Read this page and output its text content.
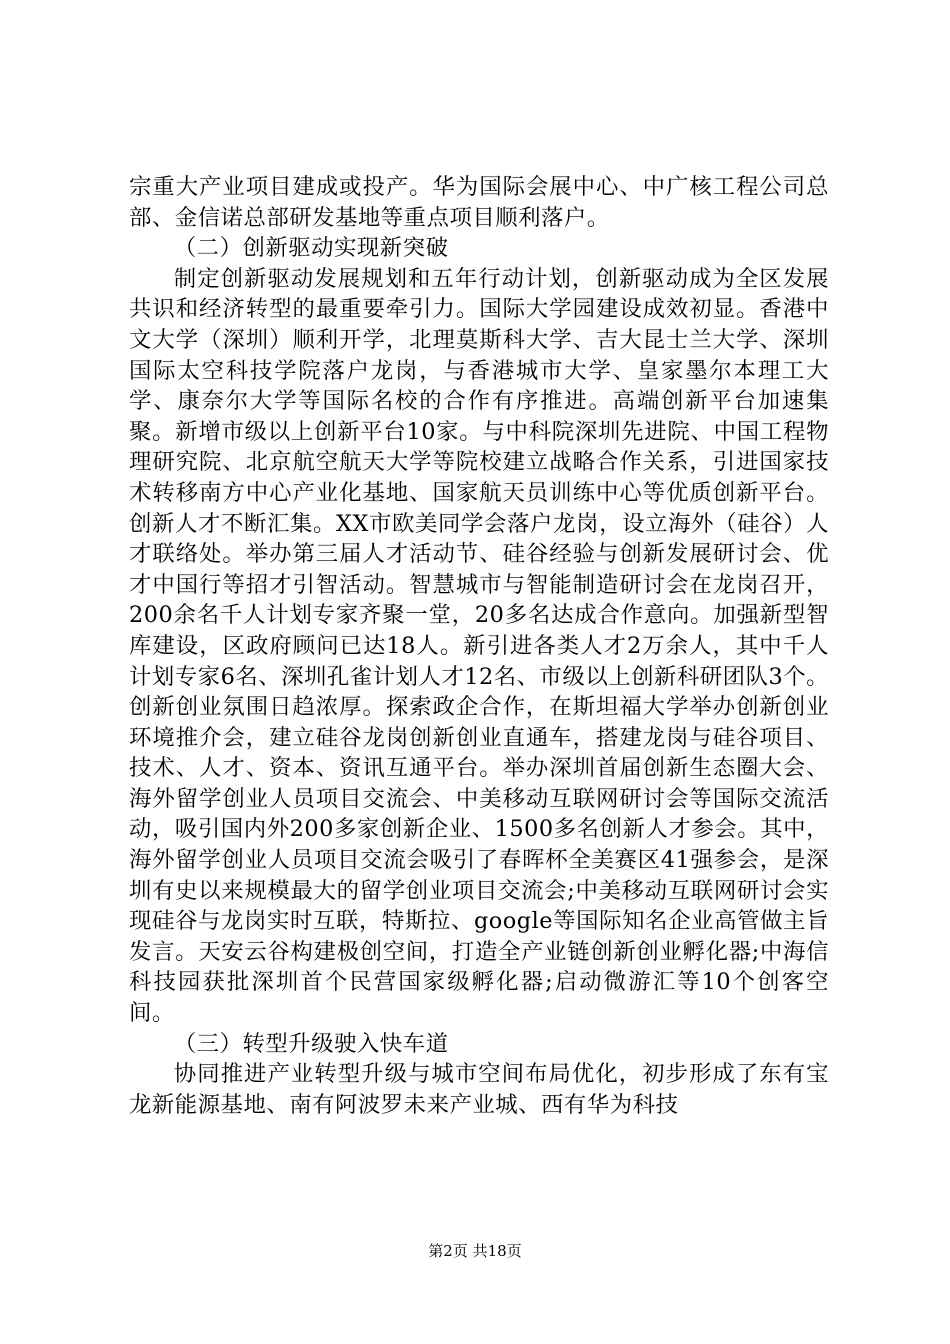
宗重大产业项目建成或投产。华为国际会展中心、中广核工程公司总部、金信诺总部研发基地等重点项目顺利落户。

（二）创新驱动实现新突破

制定创新驱动发展规划和五年行动计划，创新驱动成为全区发展共识和经济转型的最重要牵引力。国际大学园建设成效初显。香港中文大学（深圳）顺利开学，北理莫斯科大学、吉大昆士兰大学、深圳国际太空科技学院落户龙岗，与香港城市大学、皇家墨尔本理工大学、康奈尔大学等国际名校的合作有序推进。高端创新平台加速集聚。新增市级以上创新平台10家。与中科院深圳先进院、中国工程物理研究院、北京航空航天大学等院校建立战略合作关系，引进国家技术转移南方中心产业化基地、国家航天员训练中心等优质创新平台。创新人才不断汇集。XX市欧美同学会落户龙岗，设立海外（硅谷）人才联络处。举办第三届人才活动节、硅谷经验与创新发展研讨会、优才中国行等招才引智活动。智慧城市与智能制造研讨会在龙岗召开，200余名千人计划专家齐聚一堂，20多名达成合作意向。加强新型智库建设，区政府顾问已达18人。新引进各类人才2万余人，其中千人计划专家6名、深圳孔雀计划人才12名、市级以上创新科研团队3个。创新创业氛围日趋浓厚。探索政企合作，在斯坦福大学举办创新创业环境推介会，建立硅谷龙岗创新创业直通车，搭建龙岗与硅谷项目、技术、人才、资本、资讯互通平台。举办深圳首届创新生态圈大会、海外留学创业人员项目交流会、中美移动互联网研讨会等国际交流活动，吸引国内外200多家创新企业、1500多名创新人才参会。其中，海外留学创业人员项目交流会吸引了春晖杯全美赛区41强参会，是深圳有史以来规模最大的留学创业项目交流会;中美移动互联网研讨会实现硅谷与龙岗实时互联，特斯拉、google等国际知名企业高管做主旨发言。天安云谷构建极创空间，打造全产业链创新创业孵化器;中海信科技园获批深圳首个民营国家级孵化器;启动微游汇等10个创客空间。

（三）转型升级驶入快车道

协同推进产业转型升级与城市空间布局优化，初步形成了东有宝龙新能源基地、南有阿波罗未来产业城、西有华为科技

第2页 共18页
